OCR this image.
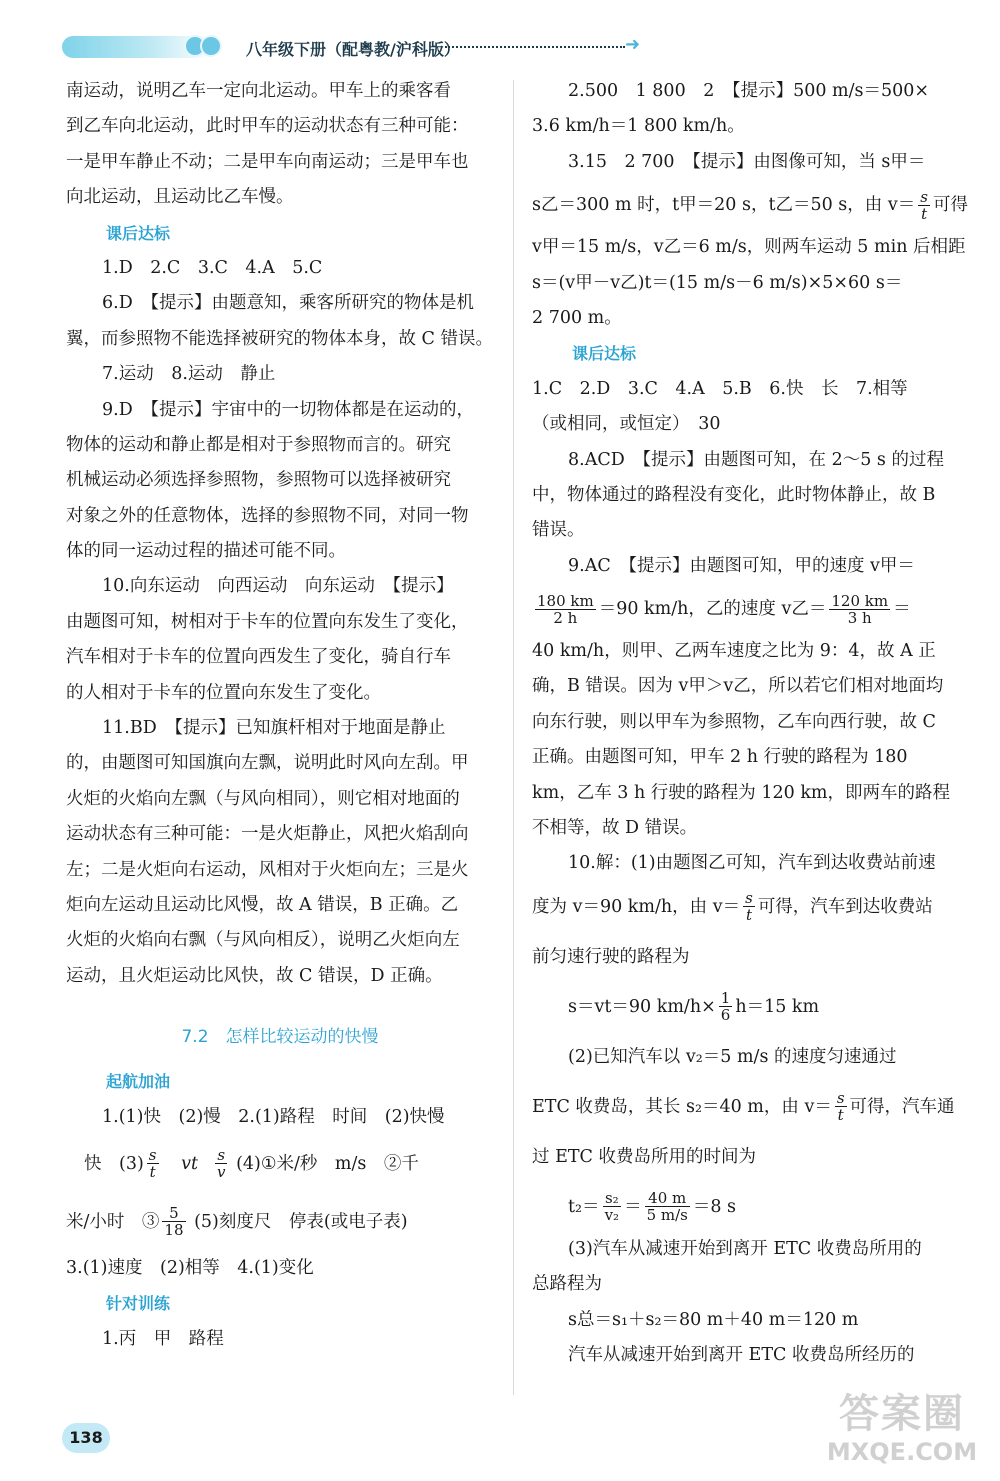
八年级下册（配粤教/沪科版）	➜
南运动，说明乙车一定向北运动。甲车上的乘客看
到乙车向北运动，此时甲车的运动状态有三种可能：
一是甲车静止不动；二是甲车向南运动；三是甲车也
向北运动，且运动比乙车慢。
课后达标
1.D　2.C　3.C　4.A　5.C
6.D　【提示】由题意知，乘客所研究的物体是机
翼，而参照物不能选择被研究的物体本身，故 C 错误。
7.运动　8.运动　静止
9.D　【提示】宇宙中的一切物体都是在运动的，
物体的运动和静止都是相对于参照物而言的。研究
机械运动必须选择参照物，参照物可以选择被研究
对象之外的任意物体，选择的参照物不同，对同一物
体的同一运动过程的描述可能不同。
10.向东运动　向西运动　向东运动　【提示】
由题图可知，树相对于卡车的位置向东发生了变化，
汽车相对于卡车的位置向西发生了变化，骑自行车
的人相对于卡车的位置向东发生了变化。
11.BD　【提示】已知旗杆相对于地面是静止
的，由题图可知国旗向左飘，说明此时风向左刮。甲
火炬的火焰向左飘（与风向相同），则它相对地面的
运动状态有三种可能：一是火炬静止，风把火焰刮向
左；二是火炬向右运动，风相对于火炬向左；三是火
炬向左运动且运动比风慢，故 A 错误，B 正确。乙
火炬的火焰向右飘（与风向相反），说明乙火炬向左
运动，且火炬运动比风快，故 C 错误，D 正确。
7.2　怎样比较运动的快慢
起航加油
1.(1)快　(2)慢　2.(1)路程　时间　(2)快慢
快　$(3) \frac{s}{t}$ vt $\frac{s}{v}$ (4)①米/秒　m/s　②千
米/小时　③ $\frac{5}{18} (5)$刻度尺　停表(或电子表)
3.(1)速度　(2)相等　4.(1)变化
针对训练
1.丙　甲　路程
2.500　1 800　2　【提示】500 m/s＝500×
3.6 km/h＝1 800 km/h。
3.15　2 700　【提示】由图像可知，当 s甲＝
s乙＝300 m 时，t甲＝20 s，t乙＝50 s，由 $v= \frac{s}{t}$ 可得
v甲＝15 m/s，v乙＝6 m/s，则两车运动 5 min 后相距
s＝(v甲－v乙)t＝(15 m/s－6 m/s)×5×60 s＝
2 700 m。
课后达标
1.C　2.D　3.C　4.A　5.B　6.快　长　7.相等
（或相同，或恒定）　30
8.ACD　【提示】由题图可知，在 2～5 s 的过程
中，物体通过的路程没有变化，此时物体静止，故 B
错误。
9.AC　【提示】由题图可知，甲的速度 v甲＝
$\frac{180 km}{2 h} =90$ km/h，乙的速度 v乙＝ $\frac{120 km}{3 h}$ ＝
40 km/h，则甲、乙两车速度之比为 9：4，故 A 正
确，B 错误。因为 v甲＞v乙，所以若它们相对地面均
向东行驶，则以甲车为参照物，乙车向西行驶，故 C
正确。由题图可知，甲车 2 h 行驶的路程为 180
km，乙车 3 h 行驶的路程为 120 km，即两车的路程
不相等，故 D 错误。
10.解：(1)由题图乙可知，汽车到达收费站前速
度为 v＝90 km/h，由 $v= \frac{s}{t}$ 可得，汽车到达收费站
前匀速行驶的路程为
s＝vt＝90 $km/h\times \frac{1}{6} h=15$ km
(2)已知汽车以 v₂＝5 m/s 的速度匀速通过
ETC 收费岛，其长 s₂＝40 m，由 $v= \frac{s}{t}$ 可得，汽车通
过 ETC 收费岛所用的时间为
$t_2= \frac{\text{s₂}}{\text{v₂}} = \frac{40 m}{5 m/s} =8$ s
(3)汽车从减速开始到离开 ETC 收费岛所用的
总路程为
s总＝s₁＋s₂＝80 m＋40 m＝120 m
汽车从减速开始到离开 ETC 收费岛所经历的
138
答案圈
MXQE.COM
